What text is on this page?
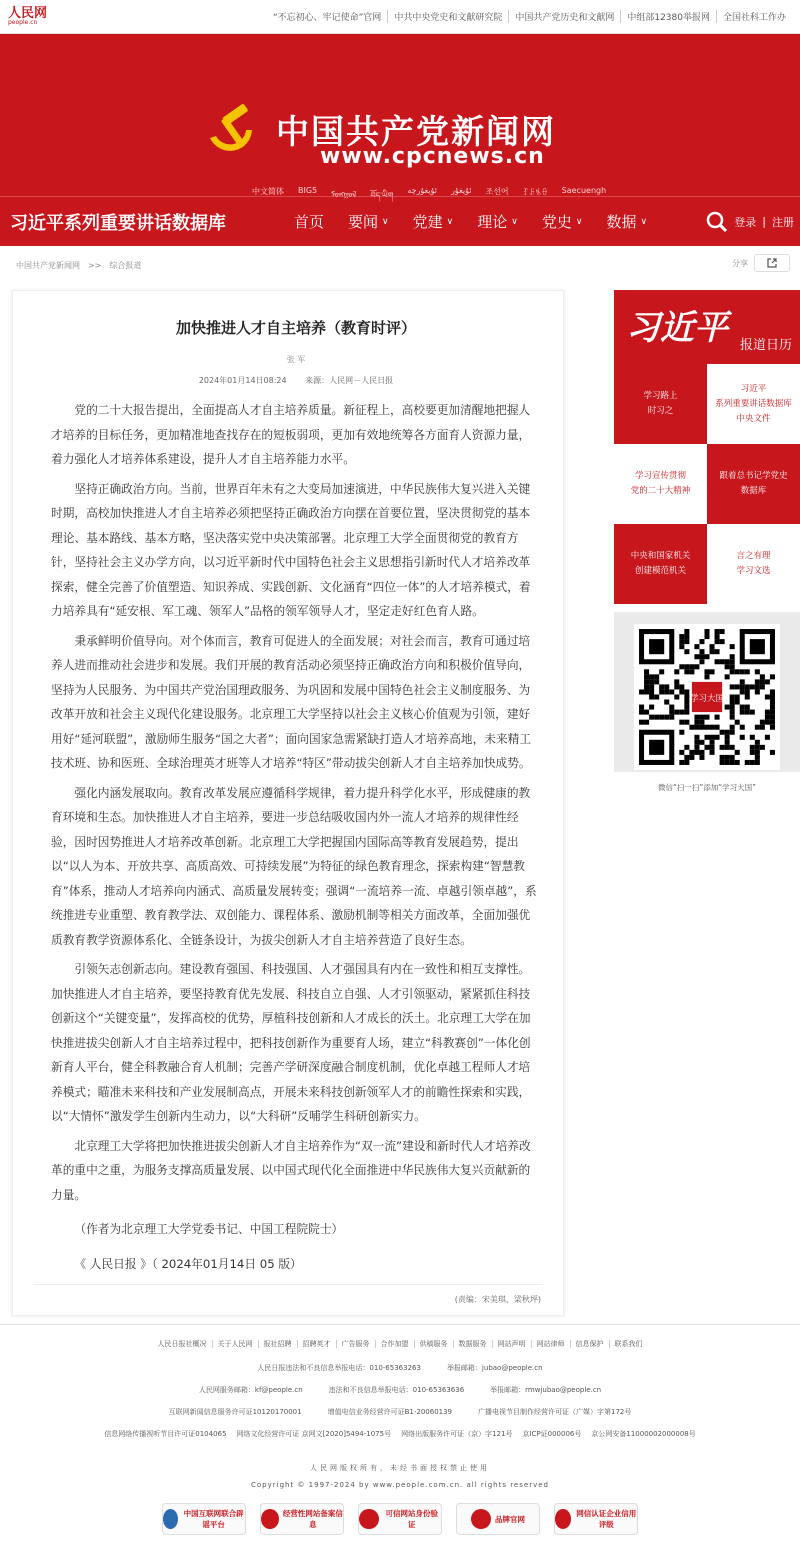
人民网
people.cn	“不忘初心、牢记使命”官网	中共中央党史和文献研究院	中国共产党历史和文献网	中组部12380举报网	全国社科工作办
中国共产党新闻网
www.cpcnews.cn
中文简体 BIG5 ᠮᠣᠩᠭᠣᠯ བོད་ཡིག
ئۇيغۇرچە ئۇيغۇر 조선어 ꆈꌠꁱꂷ Saecuengh
习近平系列重要讲话数据库	首页 要闻 ∨ 党建 ∨ 理论 ∨ 党史 ∨ 数据 ∨	登录 | 注册
中国共产党新闻网 >> 综合报道	分享
加快推进人才自主培养（教育时评）
张 军
2024年01月14日08:24 来源：人民网－人民日报

党的二十大报告提出，全面提高人才自主培养质量。新征程上，高校要更加清醒地把握人才培养的目标任务，更加精准地查找存在的短板弱项，更加有效地统筹各方面育人资源力量，着力强化人才培养体系建设，提升人才自主培养能力水平。

坚持正确政治方向。当前，世界百年未有之大变局加速演进，中华民族伟大复兴进入关键时期，高校加快推进人才自主培养必须把坚持正确政治方向摆在首要位置，坚决贯彻党的基本理论、基本路线、基本方略，坚决落实党中央决策部署。北京理工大学全面贯彻党的教育方针，坚持社会主义办学方向，以习近平新时代中国特色社会主义思想指引新时代人才培养改革探索，健全完善了价值塑造、知识养成、实践创新、文化涵育“四位一体”的人才培养模式，着力培养具有“延安根、军工魂、领军人”品格的领军领导人才，坚定走好红色育人路。

秉承鲜明价值导向。对个体而言，教育可促进人的全面发展；对社会而言，教育可通过培养人进而推动社会进步和发展。我们开展的教育活动必须坚持正确政治方向和积极价值导向，坚持为人民服务、为中国共产党治国理政服务、为巩固和发展中国特色社会主义制度服务、为改革开放和社会主义现代化建设服务。北京理工大学坚持以社会主义核心价值观为引领，建好用好“延河联盟”，激励师生服务“国之大者”；面向国家急需紧缺打造人才培养高地，未来精工技术班、协和医班、全球治理英才班等人才培养“特区”带动拔尖创新人才自主培养加快成势。

强化内涵发展取向。教育改革发展应遵循科学规律，着力提升科学化水平，形成健康的教育环境和生态。加快推进人才自主培养，要进一步总结吸收国内外一流人才培养的规律性经验，因时因势推进人才培养改革创新。北京理工大学把握国内国际高等教育发展趋势，提出以“以人为本、开放共享、高质高效、可持续发展”为特征的绿色教育理念，探索构建“智慧教育”体系，推动人才培养向内涵式、高质量发展转变；强调“一流培养一流、卓越引领卓越”，系统推进专业重塑、教育教学法、双创能力、课程体系、激励机制等相关方面改革，全面加强优质教育教学资源体系化、全链条设计，为拔尖创新人才自主培养营造了良好生态。

引领矢志创新志向。建设教育强国、科技强国、人才强国具有内在一致性和相互支撑性。加快推进人才自主培养，要坚持教育优先发展、科技自立自强、人才引领驱动，紧紧抓住科技创新这个“关键变量”，发挥高校的优势，厚植科技创新和人才成长的沃土。北京理工大学在加快推进拔尖创新人才自主培养过程中，把科技创新作为重要育人场，建立“科教赛创”一体化创新育人平台，健全科教融合育人机制；完善产学研深度融合制度机制，优化卓越工程师人才培养模式；瞄准未来科技和产业发展制高点，开展未来科技创新领军人才的前瞻性探索和实践，以“大情怀”激发学生创新内生动力，以“大科研”反哺学生科研创新实力。

北京理工大学将把加快推进拔尖创新人才自主培养作为“双一流”建设和新时代人才培养改革的重中之重，为服务支撑高质量发展、以中国式现代化全面推进中华民族伟大复兴贡献新的力量。

（作者为北京理工大学党委书记、中国工程院院士）

《 人民日报 》（ 2024年01月14日 05 版）

(责编：宋美琪、梁秋坪)
习近平 报道日历
学习路上
时习之
习近平
系列重要讲话数据库
中央文件
学习宣传贯彻
党的二十大精神
跟着总书记学党史
数据库
中央和国家机关
创建模范机关
言之有理
学习文选
学习大国
微信“扫一扫”添加“学习大国”
人民日报社概况 关于人民网 报社招聘 招聘英才 广告服务 合作加盟 供稿服务 数据服务 网站声明 网站律师 信息保护 联系我们
人民日报违法和不良信息举报电话：010-65363263	举报邮箱：jubao@people.cn
人民网服务邮箱：kf@people.cn	违法和不良信息举报电话：010-65363636	举报邮箱：rmwjubao@people.cn
互联网新闻信息服务许可证10120170001	增值电信业务经营许可证B1-20060139	广播电视节目制作经营许可证（广媒）字第172号
信息网络传播视听节目许可证0104065 网络文化经营许可证 京网文[2020]5494-1075号 网络出版服务许可证（京）字121号 京ICP证000006号 京公网安备11000002000008号
人民网版权所有，未经书面授权禁止使用
Copyright © 1997-2024 by www.people.com.cn. all rights reserved
中国互联网联合辟谣平台
经营性网站备案信息
可信网站身份验证
品牌官网
网信认证企业信用评级
